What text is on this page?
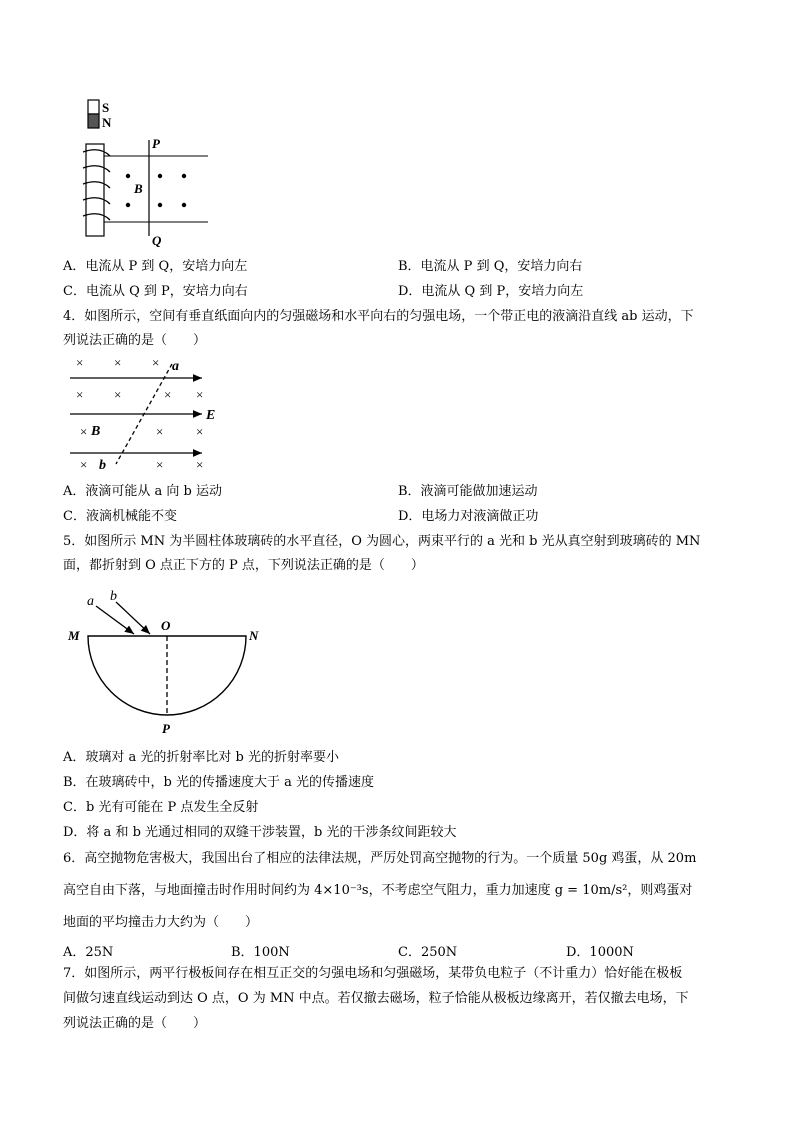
S
N
P
Q
B
A．电流从 P 到 Q，安培力向左	B．电流从 P 到 Q，安培力向右
C．电流从 Q 到 P，安培力向右	D．电流从 Q 到 P，安培力向左
4．如图所示，空间有垂直纸面向内的匀强磁场和水平向右的匀强电场，一个带正电的液滴沿直线 ab 运动，下
列说法正确的是（　　）
× × ×
× ×	× ×
×	×	×
×	×	×
a
b
B
E
A．液滴可能从 a 向 b 运动	B．液滴可能做加速运动
C．液滴机械能不变	D．电场力对液滴做正功
5．如图所示 MN 为半圆柱体玻璃砖的水平直径，O 为圆心，两束平行的 a 光和 b 光从真空射到玻璃砖的 MN
面，都折射到 O 点正下方的 P 点，下列说法正确的是（　　）
a b
M
O
N
P
A．玻璃对 a 光的折射率比对 b 光的折射率要小
B．在玻璃砖中，b 光的传播速度大于 a 光的传播速度
C．b 光有可能在 P 点发生全反射
D．将 a 和 b 光通过相同的双缝干涉装置，b 光的干涉条纹间距较大
6．高空抛物危害极大，我国出台了相应的法律法规，严厉处罚高空抛物的行为。一个质量 50g 鸡蛋，从 20m
高空自由下落，与地面撞击时作用时间约为 4×10⁻³s，不考虑空气阻力，重力加速度 g = 10m/s²，则鸡蛋对
地面的平均撞击力大约为（　　）
A．25N	B．100N	C．250N	D．1000N
7．如图所示，两平行极板间存在相互正交的匀强电场和匀强磁场，某带负电粒子（不计重力）恰好能在极板
间做匀速直线运动到达 O 点，O 为 MN 中点。若仅撤去磁场，粒子恰能从极板边缘离开，若仅撤去电场，下
列说法正确的是（　　）
